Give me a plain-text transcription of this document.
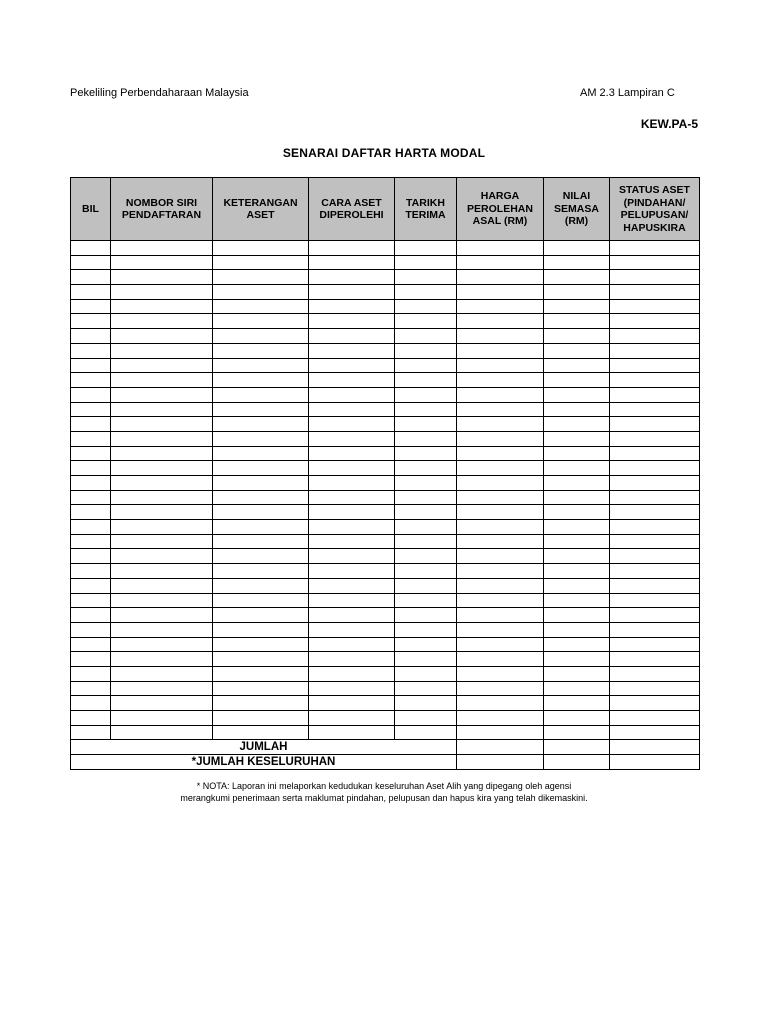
Pekeliling Perbendaharaan Malaysia	AM 2.3 Lampiran C
KEW.PA-5
SENARAI DAFTAR HARTA MODAL
BIL	NOMBOR SIRI PENDAFTARAN	KETERANGAN ASET	CARA ASET DIPEROLEHI	TARIKH TERIMA	HARGA PEROLEHAN ASAL (RM)	NILAI SEMASA (RM)	STATUS ASET (PINDAHAN/ PELUPUSAN/ HAPUSKIRA

JUMLAH							
*JUMLAH KESELURUHAN							
* NOTA: Laporan ini melaporkan kedudukan keseluruhan Aset Alih yang dipegang oleh agensi
merangkumi penerimaan serta maklumat pindahan, pelupusan dan hapus kira yang telah dikemaskini.
